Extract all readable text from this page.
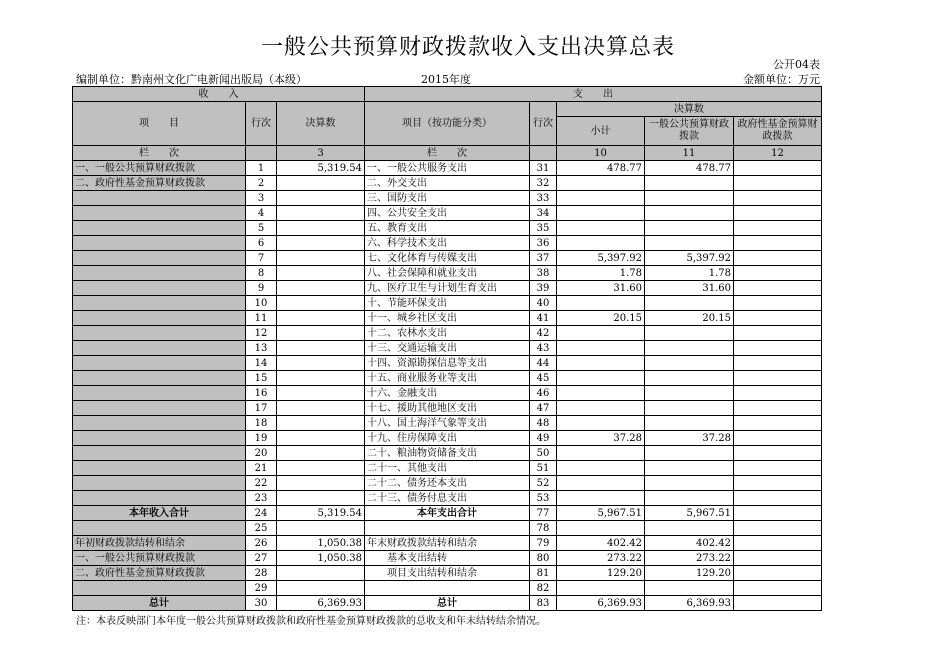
一般公共预算财政拨款收入支出决算总表
公开04表
编制单位：黔南州文化广电新闻出版局（本级）	2015年度	金额单位：万元
收　　入			支　　出				
项　　目	行次	决算数	项目（按功能分类）	行次	决算数		
					小计	一般公共预算财政拨款	政府性基金预算财政拨款
栏　　次		3	栏　　次		10	11	12
一、一般公共预算财政拨款	1	5,319.54	一、一般公共服务支出	31	478.77	478.77	
二、政府性基金预算财政拨款	2		二、外交支出	32			
	3		三、国防支出	33			
	4		四、公共安全支出	34			
	5		五、教育支出	35			
	6		六、科学技术支出	36			
	7		七、文化体育与传媒支出	37	5,397.92	5,397.92	
	8		八、社会保障和就业支出	38	1.78	1.78	
	9		九、医疗卫生与计划生育支出	39	31.60	31.60	
	10		十、节能环保支出	40			
	11		十一、城乡社区支出	41	20.15	20.15	
	12		十二、农林水支出	42			
	13		十三、交通运输支出	43			
	14		十四、资源勘探信息等支出	44			
	15		十五、商业服务业等支出	45			
	16		十六、金融支出	46			
	17		十七、援助其他地区支出	47			
	18		十八、国土海洋气象等支出	48			
	19		十九、住房保障支出	49	37.28	37.28	
	20		二十、粮油物资储备支出	50			
	21		二十一、其他支出	51			
	22		二十二、债务还本支出	52			
	23		二十三、债务付息支出	53			
本年收入合计	24	5,319.54	本年支出合计	77	5,967.51	5,967.51	
	25			78			
年初财政拨款结转和结余	26	1,050.38	年末财政拨款结转和结余	79	402.42	402.42	
一、一般公共预算财政拨款	27	1,050.38	　　基本支出结转	80	273.22	273.22	
二、政府性基金预算财政拨款	28		　　项目支出结转和结余	81	129.20	129.20	
	29			82			
总计	30	6,369.93	总计	83	6,369.93	6,369.93	
注：本表反映部门本年度一般公共预算财政拨款和政府性基金预算财政拨款的总收支和年末结转结余情况。
